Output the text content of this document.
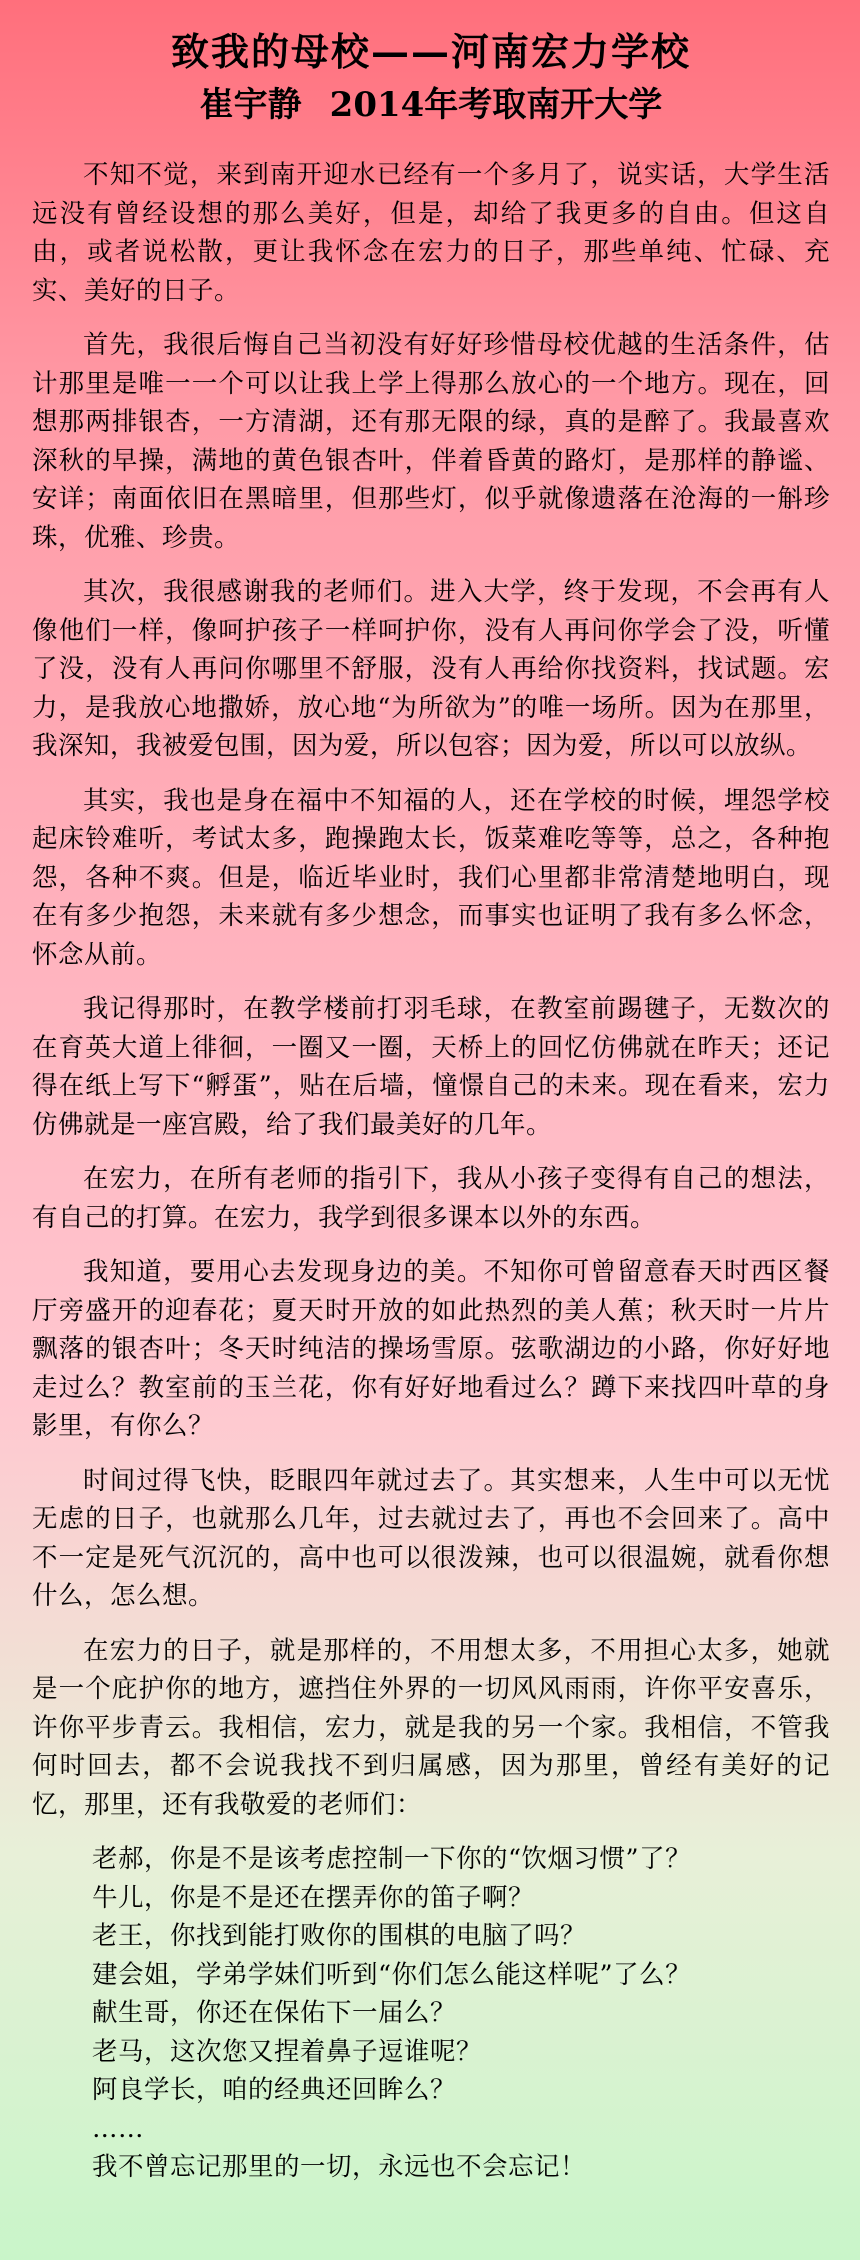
致我的母校——河南宏力学校
崔宇静 2014年考取南开大学

不知不觉，来到南开迎水已经有一个多月了，说实话，大学生活远没有曾经设想的那么美好，但是，却给了我更多的自由。但这自由，或者说松散，更让我怀念在宏力的日子，那些单纯、忙碌、充实、美好的日子。

首先，我很后悔自己当初没有好好珍惜母校优越的生活条件，估计那里是唯一一个可以让我上学上得那么放心的一个地方。现在，回想那两排银杏，一方清湖，还有那无限的绿，真的是醉了。我最喜欢深秋的早操，满地的黄色银杏叶，伴着昏黄的路灯，是那样的静谧、安详；南面依旧在黑暗里，但那些灯，似乎就像遗落在沧海的一斛珍珠，优雅、珍贵。

其次，我很感谢我的老师们。进入大学，终于发现，不会再有人像他们一样，像呵护孩子一样呵护你，没有人再问你学会了没，听懂了没，没有人再问你哪里不舒服，没有人再给你找资料，找试题。宏力，是我放心地撒娇，放心地“为所欲为”的唯一场所。因为在那里，我深知，我被爱包围，因为爱，所以包容；因为爱，所以可以放纵。

其实，我也是身在福中不知福的人，还在学校的时候，埋怨学校起床铃难听，考试太多，跑操跑太长，饭菜难吃等等，总之，各种抱怨，各种不爽。但是，临近毕业时，我们心里都非常清楚地明白，现在有多少抱怨，未来就有多少想念，而事实也证明了我有多么怀念，怀念从前。

我记得那时，在教学楼前打羽毛球，在教室前踢毽子，无数次的在育英大道上徘徊，一圈又一圈，天桥上的回忆仿佛就在昨天；还记得在纸上写下“孵蛋”，贴在后墙，憧憬自己的未来。现在看来，宏力仿佛就是一座宫殿，给了我们最美好的几年。

在宏力，在所有老师的指引下，我从小孩子变得有自己的想法，有自己的打算。在宏力，我学到很多课本以外的东西。

我知道，要用心去发现身边的美。不知你可曾留意春天时西区餐厅旁盛开的迎春花；夏天时开放的如此热烈的美人蕉；秋天时一片片飘落的银杏叶；冬天时纯洁的操场雪原。弦歌湖边的小路，你好好地走过么？教室前的玉兰花，你有好好地看过么？蹲下来找四叶草的身影里，有你么？

时间过得飞快，眨眼四年就过去了。其实想来，人生中可以无忧无虑的日子，也就那么几年，过去就过去了，再也不会回来了。高中不一定是死气沉沉的，高中也可以很泼辣，也可以很温婉，就看你想什么，怎么想。

在宏力的日子，就是那样的，不用想太多，不用担心太多，她就是一个庇护你的地方，遮挡住外界的一切风风雨雨，许你平安喜乐，许你平步青云。我相信，宏力，就是我的另一个家。我相信，不管我何时回去，都不会说我找不到归属感，因为那里，曾经有美好的记忆，那里，还有我敬爱的老师们：

老郝，你是不是该考虑控制一下你的“饮烟习惯”了？
牛儿，你是不是还在摆弄你的笛子啊？
老王，你找到能打败你的围棋的电脑了吗？
建会姐，学弟学妹们听到“你们怎么能这样呢”了么？
献生哥，你还在保佑下一届么？
老马，这次您又捏着鼻子逗谁呢？
阿良学长，咱的经典还回眸么？
……
我不曾忘记那里的一切，永远也不会忘记！
